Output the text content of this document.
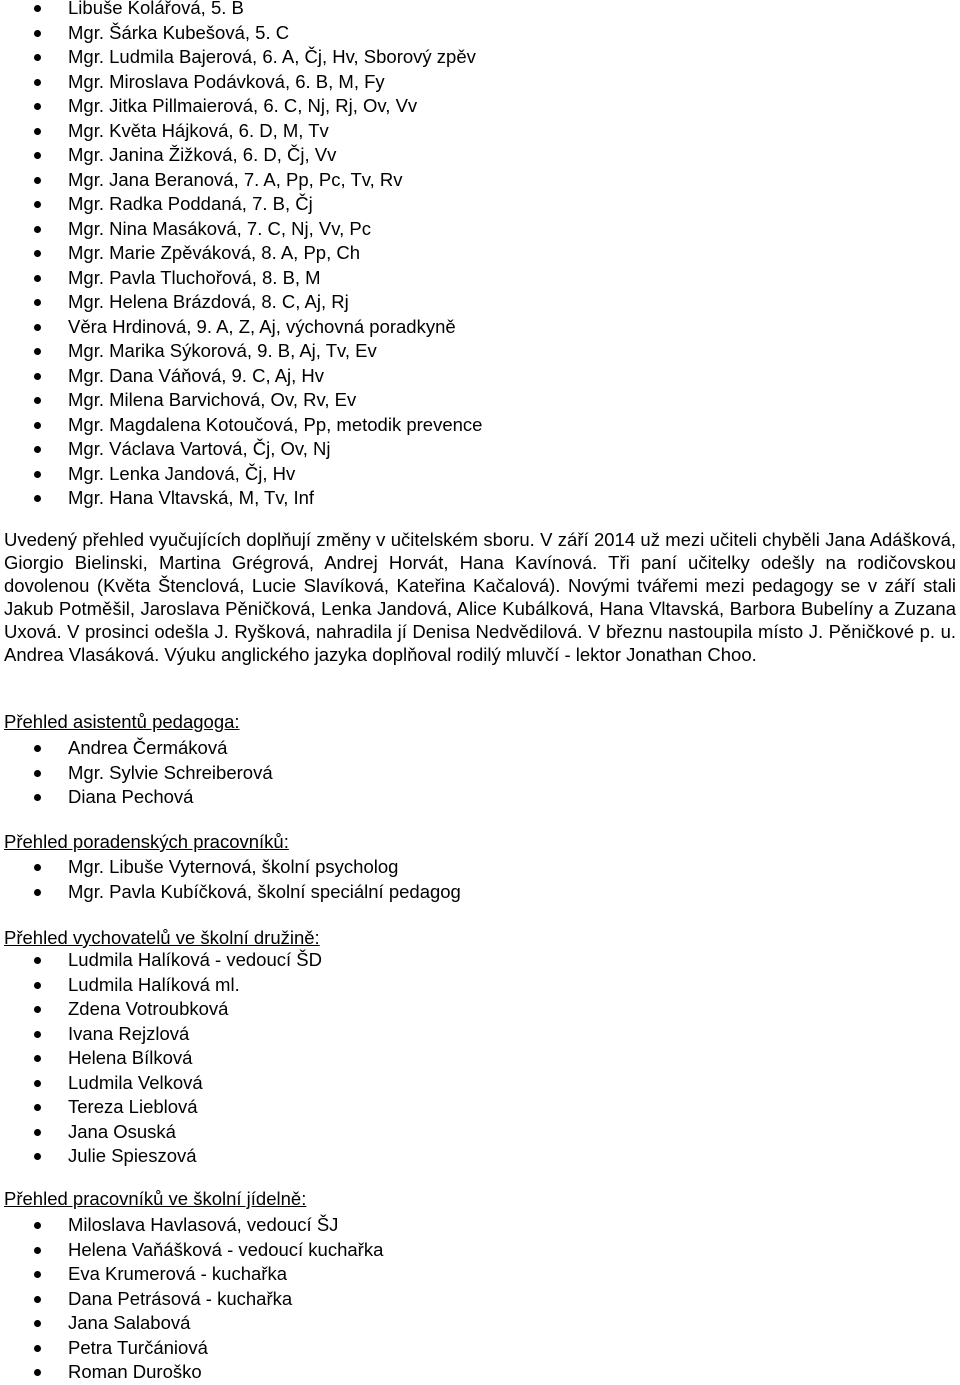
Libuše Kolářová, 5. B
Mgr. Šárka Kubešová, 5. C
Mgr. Ludmila Bajerová, 6. A, Čj, Hv, Sborový zpěv
Mgr. Miroslava Podávková, 6. B, M, Fy
Mgr. Jitka Pillmaierová, 6. C, Nj, Rj, Ov, Vv
Mgr. Květa Hájková, 6. D, M, Tv
Mgr. Janina Žižková, 6. D, Čj, Vv
Mgr. Jana Beranová, 7. A, Pp, Pc, Tv, Rv
Mgr. Radka Poddaná, 7. B, Čj
Mgr. Nina Masáková, 7. C, Nj, Vv, Pc
Mgr. Marie Zpěváková, 8. A, Pp, Ch
Mgr. Pavla Tluchořová, 8. B, M
Mgr. Helena Brázdová, 8. C, Aj, Rj
Věra Hrdinová, 9. A, Z, Aj, výchovná poradkyně
Mgr. Marika Sýkorová, 9. B, Aj, Tv, Ev
Mgr. Dana Váňová, 9. C, Aj, Hv
Mgr. Milena Barvichová, Ov, Rv, Ev
Mgr. Magdalena Kotoučová, Pp, metodik prevence
Mgr. Václava Vartová, Čj, Ov, Nj
Mgr. Lenka Jandová, Čj, Hv
Mgr. Hana Vltavská, M, Tv, Inf

Uvedený přehled vyučujících doplňují změny v učitelském sboru. V září 2014 už mezi učiteli chyběli Jana Adášková, Giorgio Bielinski, Martina Grégrová, Andrej Horvát, Hana Kavínová. Tři paní učitelky odešly na rodičovskou dovolenou (Květa Štenclová, Lucie Slavíková, Kateřina Kačalová). Novými tvářemi mezi pedagogy se v září stali Jakub Potměšil, Jaroslava Pěničková, Lenka Jandová, Alice Kubálková, Hana Vltavská, Barbora Bubelíny a Zuzana Uxová. V prosinci odešla J. Ryšková, nahradila jí Denisa Nedvědilová. V březnu nastoupila místo J. Pěničkové p. u. Andrea Vlasáková. Výuku anglického jazyka doplňoval rodilý mluvčí - lektor Jonathan Choo.

Přehled asistentů pedagoga:
Andrea Čermáková
Mgr. Sylvie Schreiberová
Diana Pechová
Přehled poradenských pracovníků:
Mgr. Libuše Vyternová, školní psycholog
Mgr. Pavla Kubíčková, školní speciální pedagog
Přehled vychovatelů ve školní družině:
Ludmila Halíková - vedoucí ŠD
Ludmila Halíková ml.
Zdena Votroubková
Ivana Rejzlová
Helena Bílková
Ludmila Velková
Tereza Lieblová
Jana Osuská
Julie Spieszová
Přehled pracovníků ve školní jídelně:
Miloslava Havlasová, vedoucí ŠJ
Helena Vaňášková - vedoucí kuchařka
Eva Krumerová - kuchařka
Dana Petrásová - kuchařka
Jana Salabová
Petra Turčániová
Roman Duroško
